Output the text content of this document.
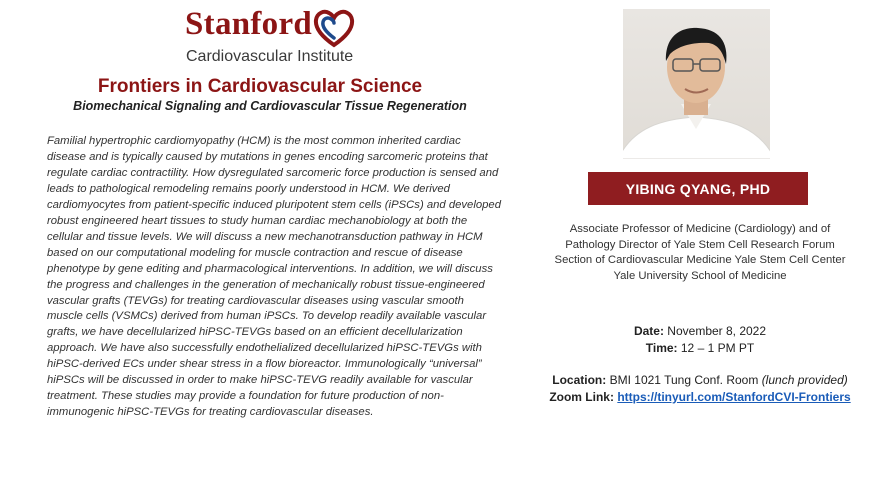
Stanford
Cardiovascular Institute
Frontiers in Cardiovascular Science
Biomechanical Signaling and Cardiovascular Tissue Regeneration
Familial hypertrophic cardiomyopathy (HCM) is the most common inherited cardiac disease and is typically caused by mutations in genes encoding sarcomeric proteins that regulate cardiac contractility. How dysregulated sarcomeric force production is sensed and leads to pathological remodeling remains poorly understood in HCM. We derived cardiomyocytes from patient-specific induced pluripotent stem cells (iPSCs) and developed robust engineered heart tissues to study human cardiac mechanobiology at both the cellular and tissue levels. We will discuss a new mechanotransduction pathway in HCM based on our computational modeling for muscle contraction and rescue of disease phenotype by gene editing and pharmacological interventions. In addition, we will discuss the progress and challenges in the generation of mechanically robust tissue-engineered vascular grafts (TEVGs) for treating cardiovascular diseases using vascular smooth muscle cells (VSMCs) derived from human iPSCs. To develop readily available vascular grafts, we have decellularized hiPSC-TEVGs based on an efficient decellularization approach. We have also successfully endothelialized decellularized hiPSC-TEVGs with hiPSC-derived ECs under shear stress in a flow bioreactor. Immunologically “universal” hiPSCs will be discussed in order to make hiPSC-TEVG readily available for vascular treatment. These studies may provide a foundation for future production of non-immunogenic hiPSC-TEVGs for treating cardiovascular diseases.
YIBING QYANG, PHD
Associate Professor of Medicine (Cardiology) and of Pathology Director of Yale Stem Cell Research Forum Section of Cardiovascular Medicine Yale Stem Cell Center Yale University School of Medicine
Date: November 8, 2022
Time: 12 – 1 PM PT
Location: BMI 1021 Tung Conf. Room (lunch provided)
Zoom Link: https://tinyurl.com/StanfordCVI-Frontiers
